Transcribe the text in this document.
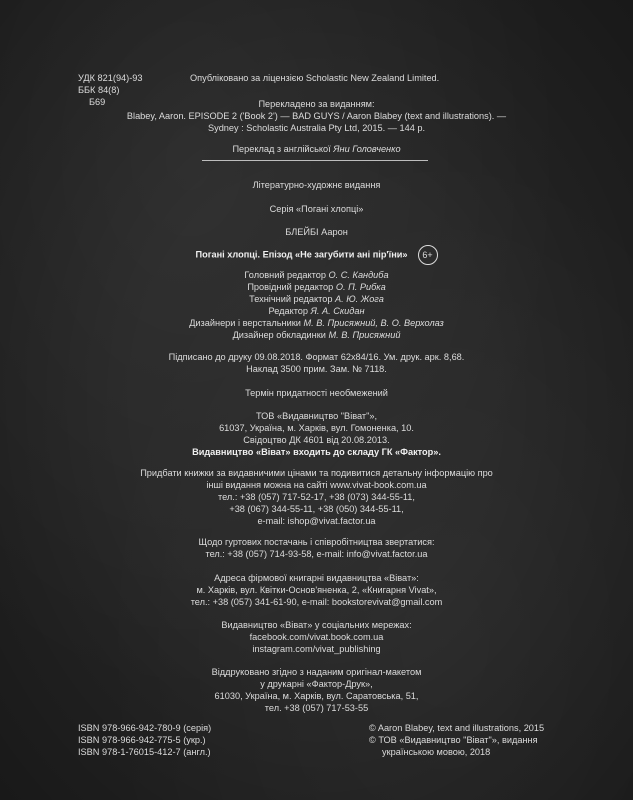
УДК 821(94)-93
ББК 84(8)
Б69
Опубліковано за ліцензією Scholastic New Zealand Limited.
Перекладено за виданням:
Blabey, Aaron. EPISODE 2 ('Book 2') — BAD GUYS / Aaron Blabey (text and illustrations). —
Sydney : Scholastic Australia Pty Ltd, 2015. — 144 p.
Переклад з англійської Яни Головченко
Літературно-художнє видання
Серія «Погані хлопці»
БЛЕЙБІ Аарон
Погані хлопці. Епізод «Не загубити ані пір'їни» 6+
Головний редактор О. С. Кандиба
Провідний редактор О. П. Рибка
Технічний редактор А. Ю. Жога
Редактор Я. А. Скидан
Дизайнери і верстальники М. В. Присяжний, В. О. Верхолаз
Дизайнер обкладинки М. В. Присяжний
Підписано до друку 09.08.2018. Формат 62х84/16. Ум. друк. арк. 8,68.
Наклад 3500 прим. Зам. № 7118.
Термін придатності необмежений
ТОВ «Видавництво "Віват"»,
61037, Україна, м. Харків, вул. Гомоненка, 10.
Свідоцтво ДК 4601 від 20.08.2013.
Видавництво «Віват» входить до складу ГК «Фактор».
Придбати книжки за видавничими цінами та подивитися детальну інформацію про
інші видання можна на сайті www.vivat-book.com.ua
тел.: +38 (057) 717-52-17, +38 (073) 344-55-11,
+38 (067) 344-55-11, +38 (050) 344-55-11,
e-mail: ishop@vivat.factor.ua
Щодо гуртових постачань і співробітництва звертатися:
тел.: +38 (057) 714-93-58, e-mail: info@vivat.factor.ua
Адреса фірмової книгарні видавництва «Віват»:
м. Харків, вул. Квітки-Основ'яненка, 2, «Книгарня Vivat»,
тел.: +38 (057) 341-61-90, e-mail: bookstorevivat@gmail.com
Видавництво «Віват» у соціальних мережах:
facebook.com/vivat.book.com.ua
instagram.com/vivat_publishing
Віддруковано згідно з наданим оригінал-макетом
у друкарні «Фактор-Друк»,
61030, Україна, м. Харків, вул. Саратовська, 51,
тел. +38 (057) 717-53-55
ISBN 978-966-942-780-9 (серія)
ISBN 978-966-942-775-5 (укр.)
ISBN 978-1-76015-412-7 (англ.)
© Aaron Blabey, text and illustrations, 2015
© ТОВ «Видавництво "Віват"», видання
українською мовою, 2018
